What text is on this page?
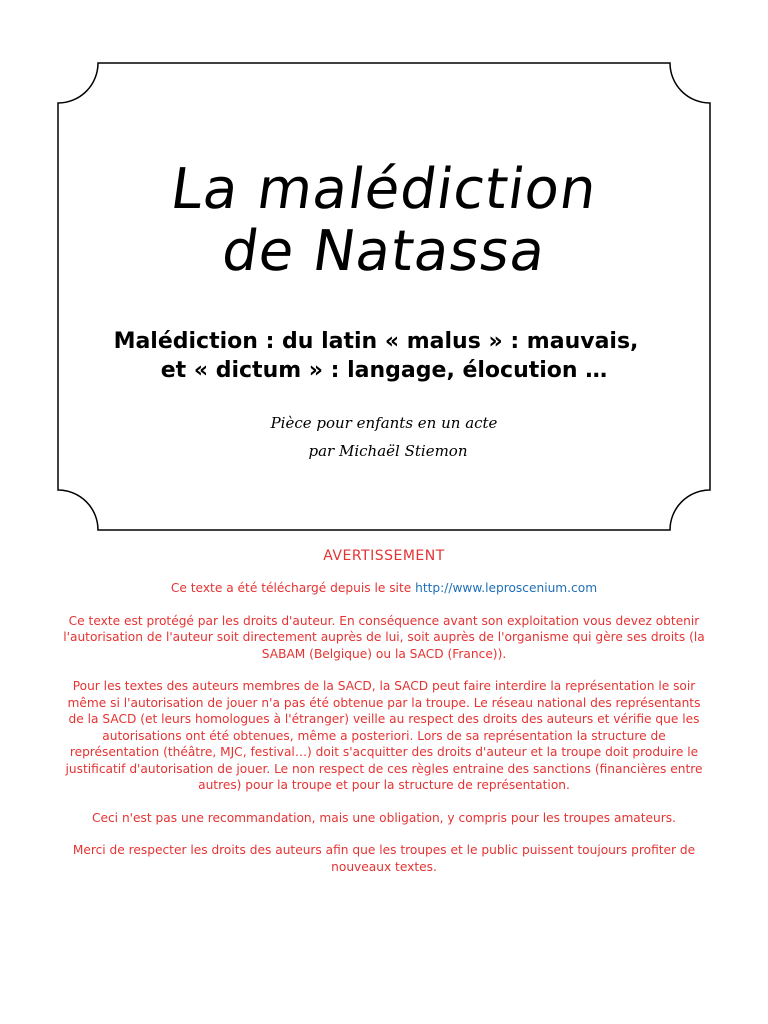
La malédiction
de Natassa
Malédiction : du latin « malus » : mauvais,
et « dictum » : langage, élocution …
Pièce pour enfants en un acte
par Michaël Stiemon
AVERTISSEMENT

Ce texte a été téléchargé depuis le site http://www.leproscenium.com

Ce texte est protégé par les droits d'auteur. En conséquence avant son exploitation vous devez obtenir l'autorisation de l'auteur soit directement auprès de lui, soit auprès de l'organisme qui gère ses droits (la SABAM (Belgique) ou la SACD (France)).

Pour les textes des auteurs membres de la SACD, la SACD peut faire interdire la représentation le soir même si l'autorisation de jouer n'a pas été obtenue par la troupe. Le réseau national des représentants de la SACD (et leurs homologues à l'étranger) veille au respect des droits des auteurs et vérifie que les autorisations ont été obtenues, même a posteriori. Lors de sa représentation la structure de représentation (théâtre, MJC, festival…) doit s'acquitter des droits d'auteur et la troupe doit produire le justificatif d'autorisation de jouer. Le non respect de ces règles entraine des sanctions (financières entre autres) pour la troupe et pour la structure de représentation.

Ceci n'est pas une recommandation, mais une obligation, y compris pour les troupes amateurs.

Merci de respecter les droits des auteurs afin que les troupes et le public puissent toujours profiter de nouveaux textes.
